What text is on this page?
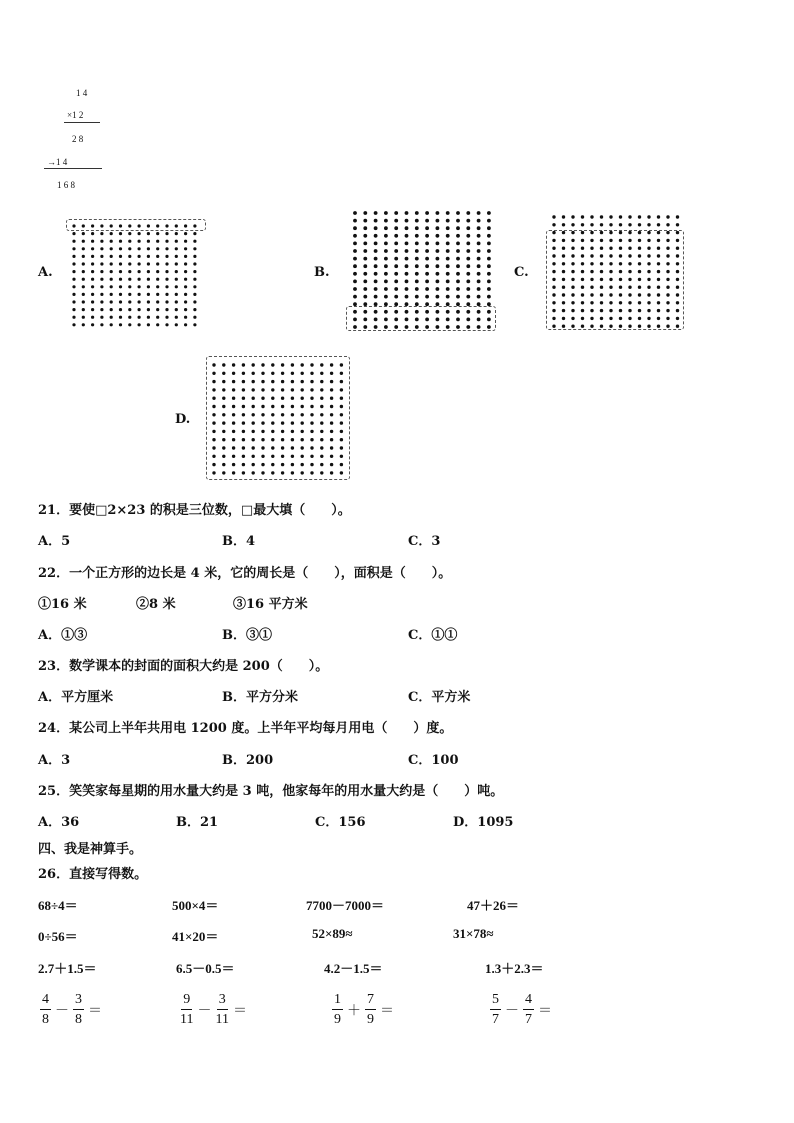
1 4
×1 2
2 8
→1 4
1 6 8
A.	B.	C.
D.
21．要使□2×23 的积是三位数，□最大填（　　）。
A．5	B．4	C．3
22．一个正方形的边长是 4 米，它的周长是（　　），面积是（　　）。
①16 米	②8 米	③16 平方米
A．①③	B．③①	C．①①
23．数学课本的封面的面积大约是 200（　　）。
A．平方厘米	B．平方分米	C．平方米
24．某公司上半年共用电 1200 度。上半年平均每月用电（　　）度。
A．3	B．200	C．100
25．笑笑家每星期的用水量大约是 3 吨，他家每年的用水量大约是（　　）吨。
A．36	B．21	C．156	D．1095
四、我是神算手。
26．直接写得数。
68÷4＝	500×4＝	7700－7000＝	47＋26＝
0÷56＝	41×20＝	52×89≈	31×78≈
2.7＋1.5＝	6.5－0.5＝	4.2－1.5＝	1.3＋2.3＝
$\frac{4}{8} - \frac{3}{8}$ ＝	$\frac{9}{11} - \frac{3}{11}$ ＝	$\frac{1}{9} + \frac{7}{9}$ ＝	$\frac{5}{7} - \frac{4}{7}$ ＝
